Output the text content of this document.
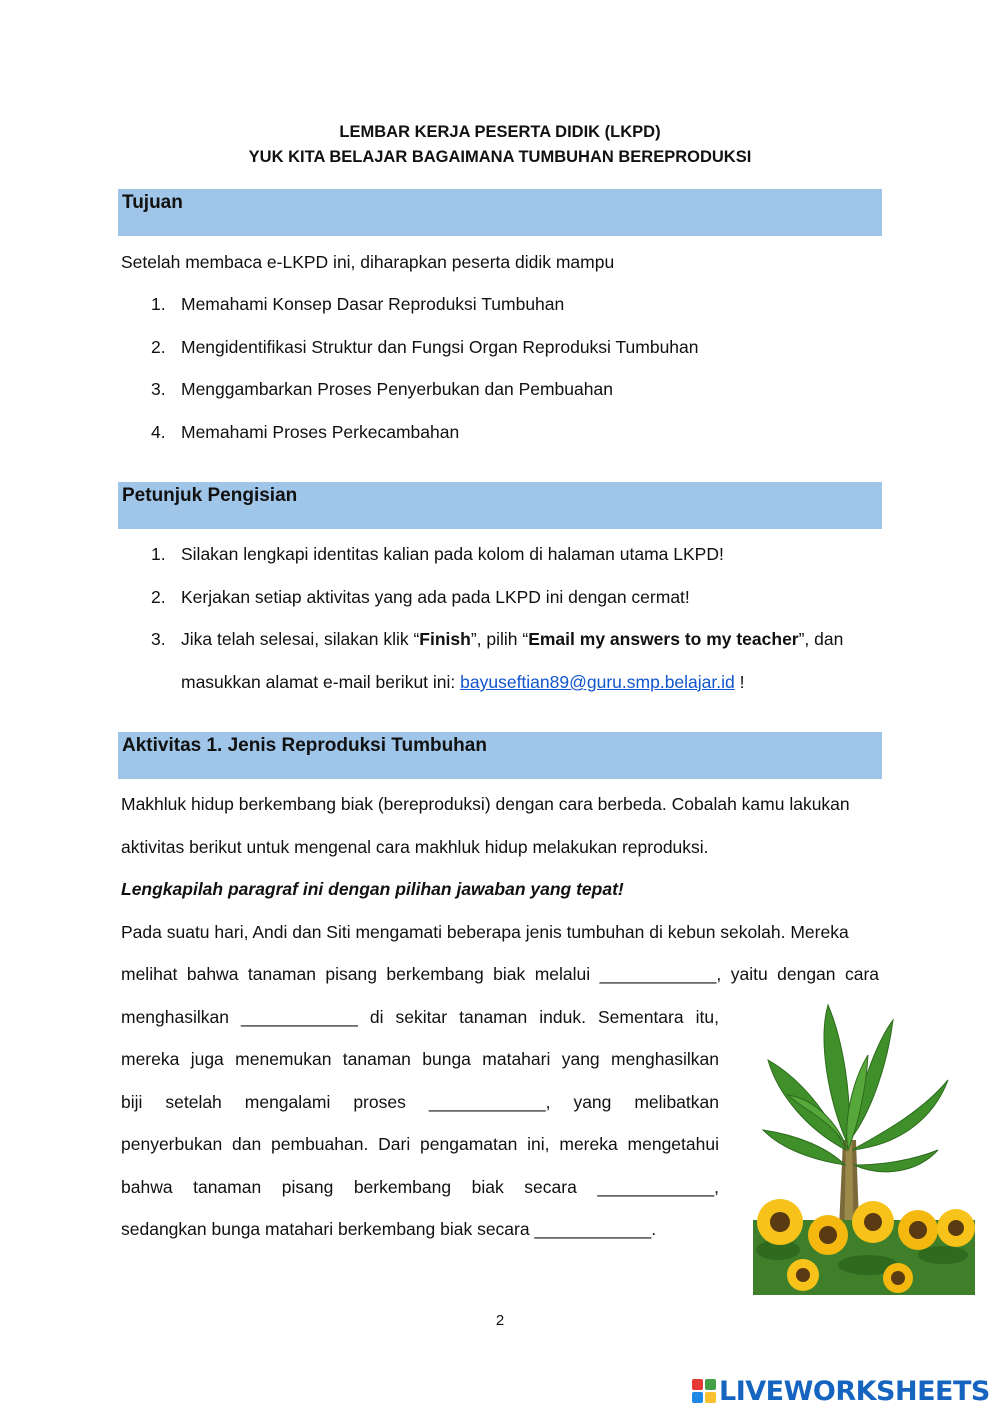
LEMBAR KERJA PESERTA DIDIK (LKPD)
YUK KITA BELAJAR BAGAIMANA TUMBUHAN BEREPRODUKSI
Tujuan
Setelah membaca e-LKPD ini, diharapkan peserta didik mampu
1. Memahami Konsep Dasar Reproduksi Tumbuhan
2. Mengidentifikasi Struktur dan Fungsi Organ Reproduksi Tumbuhan
3. Menggambarkan Proses Penyerbukan dan Pembuahan
4. Memahami Proses Perkecambahan
Petunjuk Pengisian
1. Silakan lengkapi identitas kalian pada kolom di halaman utama LKPD!
2. Kerjakan setiap aktivitas yang ada pada LKPD ini dengan cermat!
3. Jika telah selesai, silakan klik “Finish”, pilih “Email my answers to my teacher”, dan
masukkan alamat e-mail berikut ini: bayuseftian89@guru.smp.belajar.id !
Aktivitas 1. Jenis Reproduksi Tumbuhan
Makhluk hidup berkembang biak (bereproduksi) dengan cara berbeda. Cobalah kamu lakukan
aktivitas berikut untuk mengenal cara makhluk hidup melakukan reproduksi.
Lengkapilah paragraf ini dengan pilihan jawaban yang tepat!
Pada suatu hari, Andi dan Siti mengamati beberapa jenis tumbuhan di kebun sekolah. Mereka
melihat bahwa tanaman pisang berkembang biak melalui ____________, yaitu dengan cara
menghasilkan ____________ di sekitar tanaman induk. Sementara itu,
mereka juga menemukan tanaman bunga matahari yang menghasilkan
biji setelah mengalami proses ____________, yang melibatkan
penyerbukan dan pembuahan. Dari pengamatan ini, mereka mengetahui
bahwa tanaman pisang berkembang biak secara ____________,
sedangkan bunga matahari berkembang biak secara ____________.
2
LIVEWORKSHEETS
